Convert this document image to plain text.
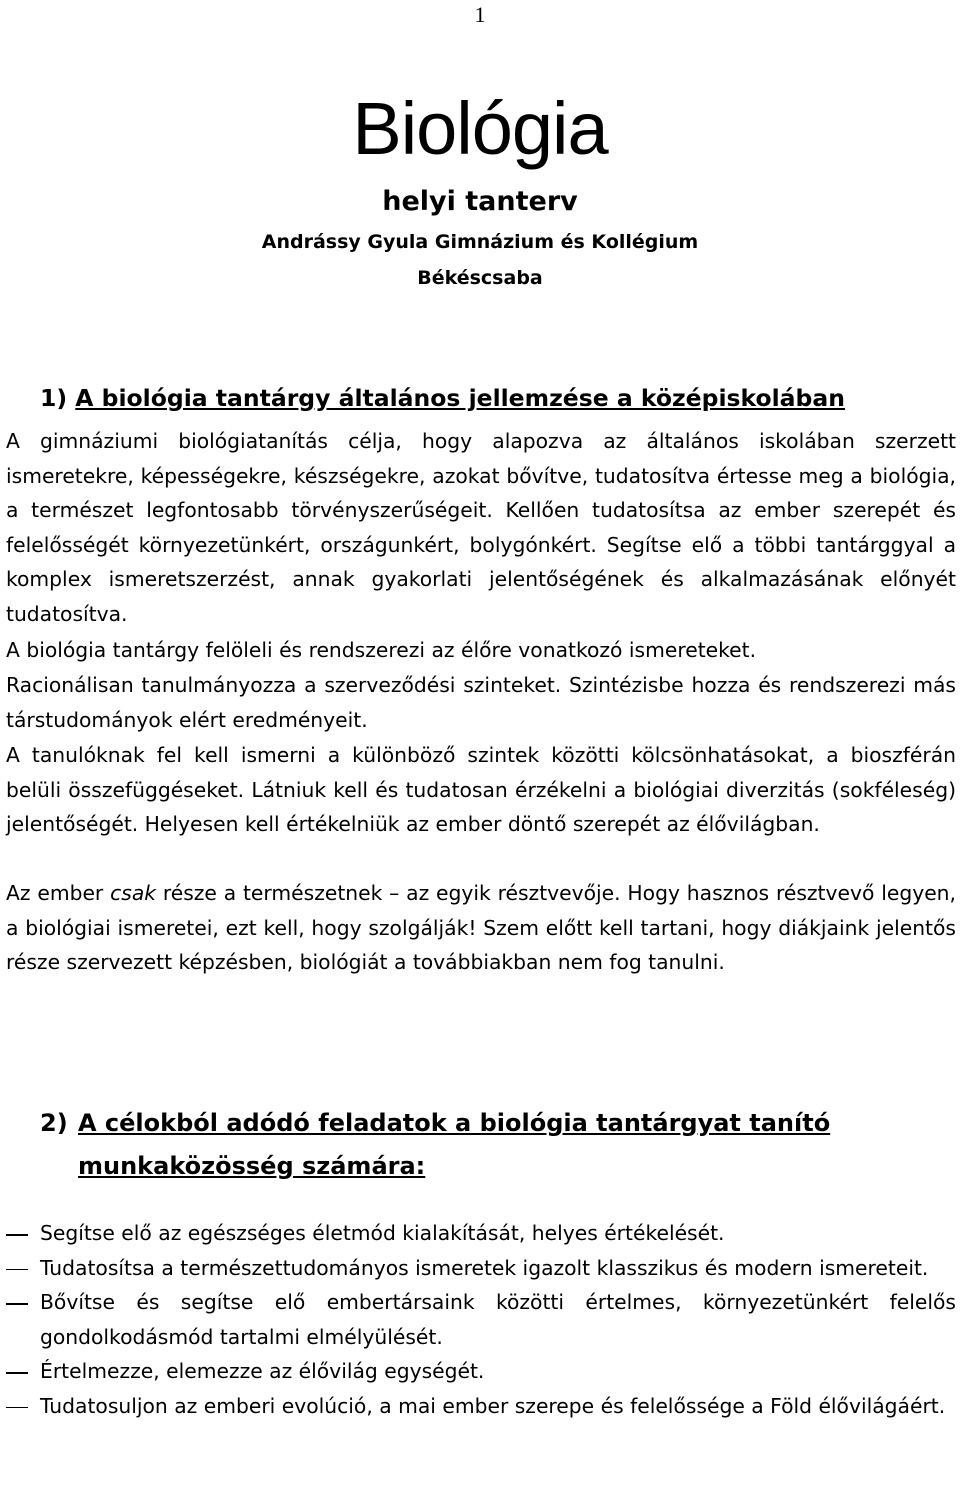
1
Biológia
helyi tanterv
Andrássy Gyula Gimnázium és Kollégium
Békéscsaba
1) A biológia tantárgy általános jellemzése a középiskolában
A gimnáziumi biológiatanítás célja, hogy alapozva az általános iskolában szerzett ismeretekre, képességekre, készségekre, azokat bővítve, tudatosítva értesse meg a biológia, a természet legfontosabb törvényszerűségeit. Kellően tudatosítsa az ember szerepét és felelősségét környezetünkért, országunkért, bolygónkért. Segítse elő a többi tantárggyal a komplex ismeretszerzést, annak gyakorlati jelentőségének és alkalmazásának előnyét tudatosítva.
A biológia tantárgy felöleli és rendszerezi az élőre vonatkozó ismereteket.
Racionálisan tanulmányozza a szerveződési szinteket. Szintézisbe hozza és rendszerezi más társtudományok elért eredményeit.
A tanulóknak fel kell ismerni a különböző szintek közötti kölcsönhatásokat, a bioszférán belüli összefüggéseket. Látniuk kell és tudatosan érzékelni a biológiai diverzitás (sokféleség) jelentőségét. Helyesen kell értékelniük az ember döntő szerepét az élővilágban.
Az ember csak része a természetnek – az egyik résztvevője. Hogy hasznos résztvevő legyen, a biológiai ismeretei, ezt kell, hogy szolgálják! Szem előtt kell tartani, hogy diákjaink jelentős része szervezett képzésben, biológiát a továbbiakban nem fog tanulni.
2) A célokból adódó feladatok a biológia tantárgyat tanító
munkaközösség számára:
Segítse elő az egészséges életmód kialakítását, helyes értékelését.
Tudatosítsa a természettudományos ismeretek igazolt klasszikus és modern ismereteit.
Bővítse és segítse elő embertársaink közötti értelmes, környezetünkért felelős gondolkodásmód tartalmi elmélyülését.
Értelmezze, elemezze az élővilág egységét.
Tudatosuljon az emberi evolúció, a mai ember szerepe és felelőssége a Föld élővilágáért.
